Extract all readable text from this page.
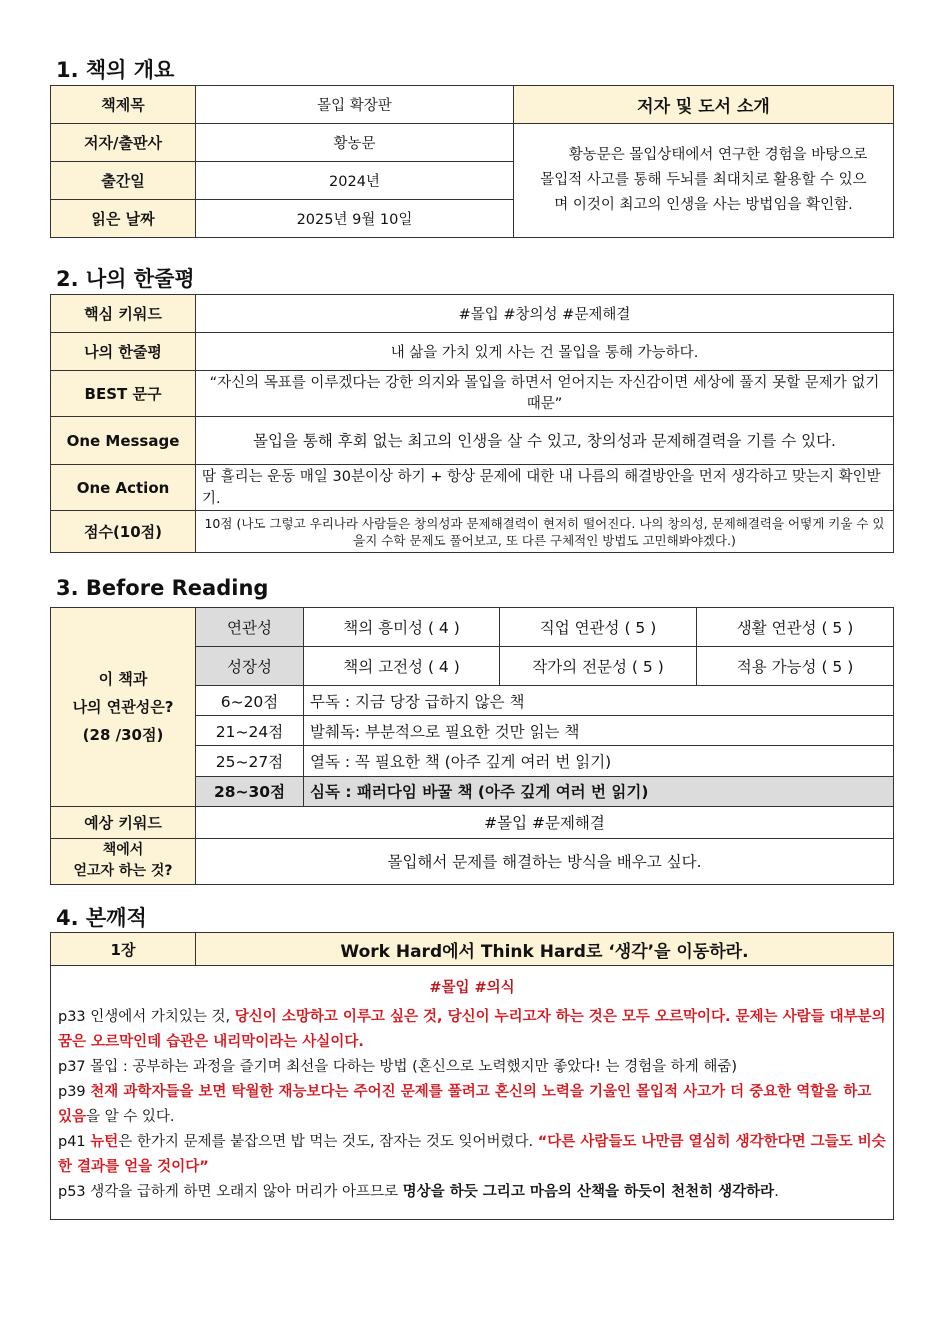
1. 책의 개요
책제목	몰입 확장판	저자 및 도서 소개
저자/출판사	황농문	황농문은 몰입상태에서 연구한 경험을 바탕으로 몰입적 사고를 통해 두뇌를 최대치로 활용할 수 있으며 이것이 최고의 인생을 사는 방법임을 확인함.
출간일	2024년	
읽은 날짜	2025년 9월 10일	
2. 나의 한줄평
핵심 키워드	#몰입 #창의성 #문제해결
나의 한줄평	내 삶을 가치 있게 사는 건 몰입을 통해 가능하다.
BEST 문구	“자신의 목표를 이루겠다는 강한 의지와 몰입을 하면서 얻어지는 자신감이면 세상에 풀지 못할 문제가 없기 때문”
One Message	몰입을 통해 후회 없는 최고의 인생을 살 수 있고, 창의성과 문제해결력을 기를 수 있다.
One Action	땀 흘리는 운동 매일 30분이상 하기 + 항상 문제에 대한 내 나름의 해결방안을 먼저 생각하고 맞는지 확인받기.
점수(10점)	10점 (나도 그렇고 우리나라 사람들은 창의성과 문제해결력이 현저히 떨어진다. 나의 창의성, 문제해결력을 어떻게 키울 수 있을지 수학 문제도 풀어보고, 또 다른 구체적인 방법도 고민해봐야겠다.)
3. Before Reading
이 책과
나의 연관성은?
(28 /30점)	연관성	책의 흥미성 ( 4 )	직업 연관성 ( 5 )	생활 연관성 ( 5 )
	성장성	책의 고전성 ( 4 )	작가의 전문성 ( 5 )	적용 가능성 ( 5 )
	6~20점	무독 : 지금 당장 급하지 않은 책		
	21~24점	발췌독: 부분적으로 필요한 것만 읽는 책		
	25~27점	열독 : 꼭 필요한 책 (아주 깊게 여러 번 읽기)		
	28~30점	심독 : 패러다임 바꿀 책 (아주 깊게 여러 번 읽기)		
예상 키워드	#몰입 #문제해결			

책에서
얻고자 하는 것?	몰입해서 문제를 해결하는 방식을 배우고 싶다.			
4. 본깨적
1장	Work Hard에서 Think Hard로 ‘생각’을 이동하라.

#몰입 #의식
p33 인생에서 가치있는 것, 당신이 소망하고 이루고 싶은 것, 당신이 누리고자 하는 것은 모두 오르막이다. 문제는 사람들 대부분의 꿈은 오르막인데 습관은 내리막이라는 사실이다.
p37 몰입 : 공부하는 과정을 즐기며 최선을 다하는 방법 (혼신으로 노력했지만 좋았다! 는 경험을 하게 해줌)
p39 천재 과학자들을 보면 탁월한 재능보다는 주어진 문제를 풀려고 혼신의 노력을 기울인 몰입적 사고가 더 중요한 역할을 하고 있음을 알 수 있다.
p41 뉴턴은 한가지 문제를 붙잡으면 밥 먹는 것도, 잠자는 것도 잊어버렸다. “다른 사람들도 나만큼 열심히 생각한다면 그들도 비슷한 결과를 얻을 것이다”
p53 생각을 급하게 하면 오래지 않아 머리가 아프므로 명상을 하듯 그리고 마음의 산책을 하듯이 천천히 생각하라.
